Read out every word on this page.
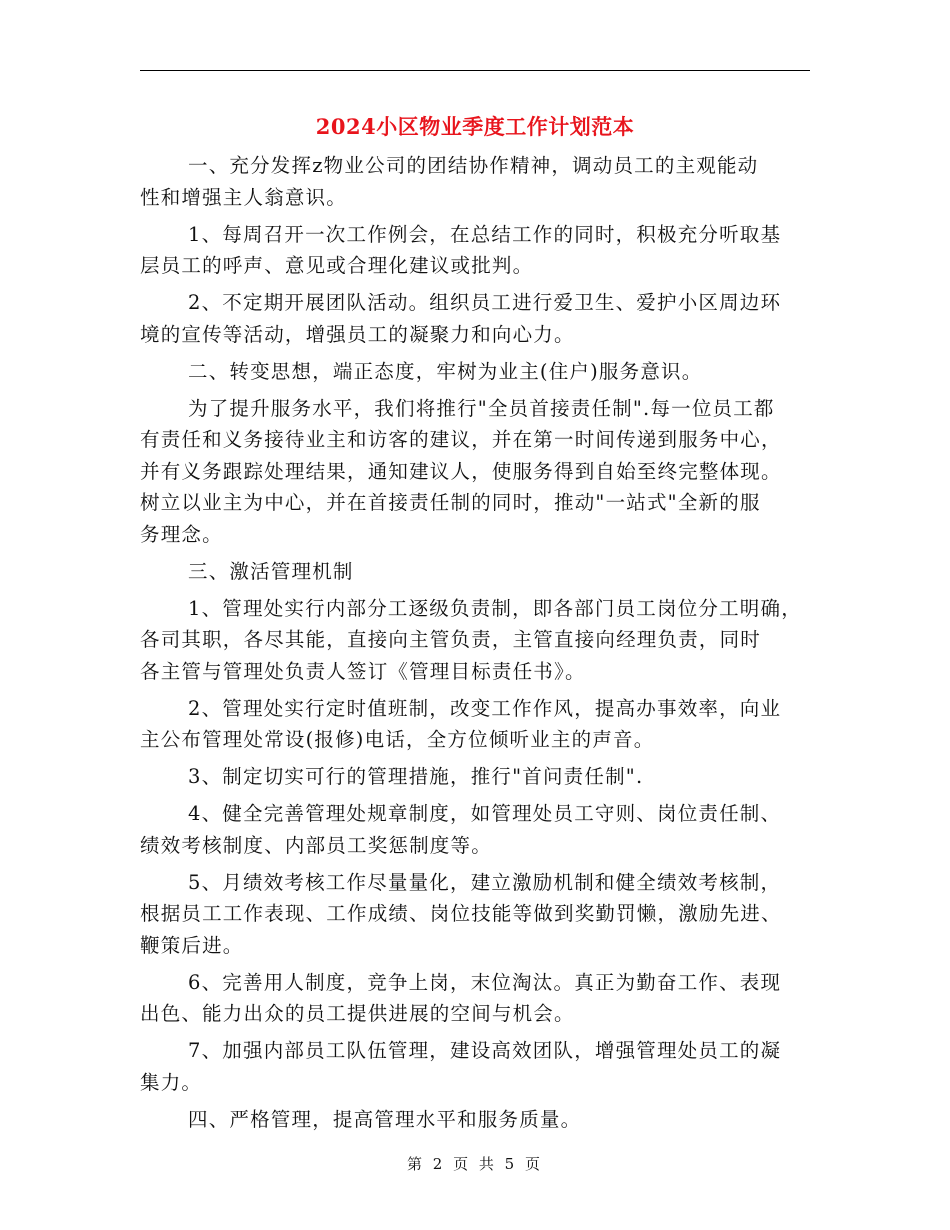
2024小区物业季度工作计划范本
一、充分发挥z物业公司的团结协作精神，调动员工的主观能动
性和增强主人翁意识。
1、每周召开一次工作例会，在总结工作的同时，积极充分听取基
层员工的呼声、意见或合理化建议或批判。
2、不定期开展团队活动。组织员工进行爱卫生、爱护小区周边环
境的宣传等活动，增强员工的凝聚力和向心力。
二、转变思想，端正态度，牢树为业主(住户)服务意识。
为了提升服务水平，我们将推行"全员首接责任制".每一位员工都
有责任和义务接待业主和访客的建议，并在第一时间传递到服务中心，
并有义务跟踪处理结果，通知建议人，使服务得到自始至终完整体现。
树立以业主为中心，并在首接责任制的同时，推动"一站式"全新的服
务理念。
三、激活管理机制
1、管理处实行内部分工逐级负责制，即各部门员工岗位分工明确，
各司其职，各尽其能，直接向主管负责，主管直接向经理负责，同时
各主管与管理处负责人签订《管理目标责任书》。
2、管理处实行定时值班制，改变工作作风，提高办事效率，向业
主公布管理处常设(报修)电话，全方位倾听业主的声音。
3、制定切实可行的管理措施，推行"首问责任制".
4、健全完善管理处规章制度，如管理处员工守则、岗位责任制、
绩效考核制度、内部员工奖惩制度等。
5、月绩效考核工作尽量量化，建立激励机制和健全绩效考核制，
根据员工工作表现、工作成绩、岗位技能等做到奖勤罚懒，激励先进、
鞭策后进。
6、完善用人制度，竞争上岗，末位淘汰。真正为勤奋工作、表现
出色、能力出众的员工提供进展的空间与机会。
7、加强内部员工队伍管理，建设高效团队，增强管理处员工的凝
集力。
四、严格管理，提高管理水平和服务质量。
第 2 页 共 5 页
